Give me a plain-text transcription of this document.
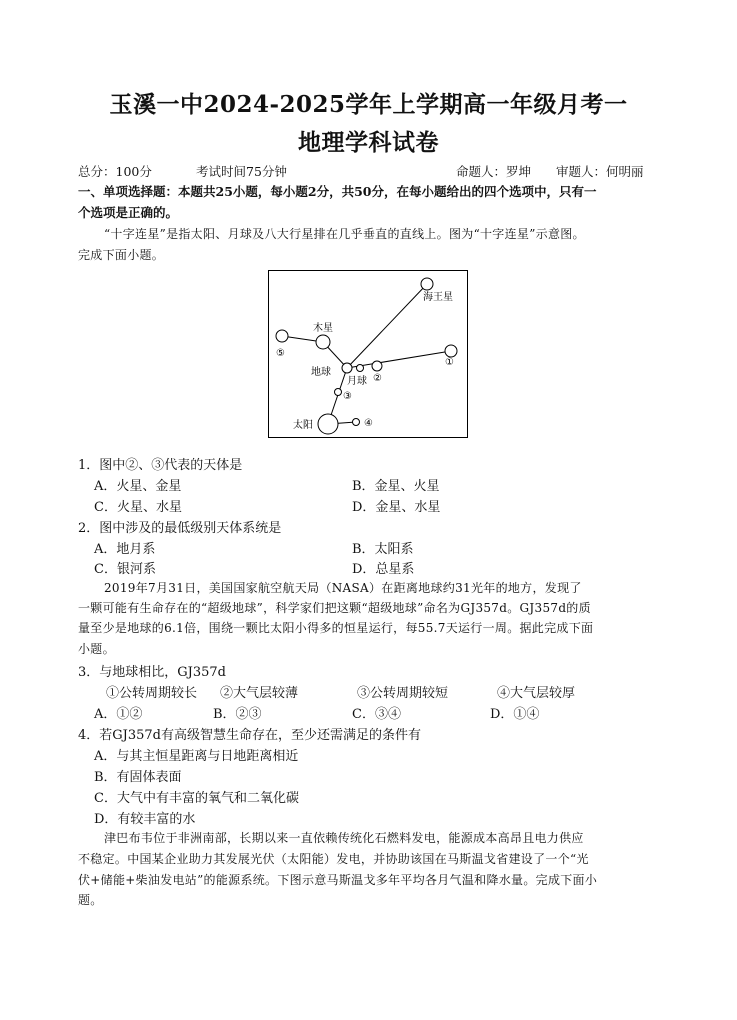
玉溪一中2024-2025学年上学期高一年级月考一
地理学科试卷
总分：100分	考试时间75分钟	命题人：罗坤 审题人：何明丽
一、单项选择题：本题共25小题，每小题2分，共50分，在每小题给出的四个选项中，只有一
个选项是正确的。
“十字连星”是指太阳、月球及八大行星排在几乎垂直的直线上。图为“十字连星”示意图。
完成下面小题。
海王星
木星
⑤
①
②
月球
地球
③
太阳	④
1．图中②、③代表的天体是
A．火星、金星	B．金星、火星
C．火星、水星	D．金星、水星
2．图中涉及的最低级别天体系统是
A．地月系	B．太阳系
C．银河系	D．总星系
2019年7月31日，美国国家航空航天局（NASA）在距离地球约31光年的地方，发现了
一颗可能有生命存在的“超级地球”，科学家们把这颗“超级地球”命名为GJ357d。GJ357d的质
量至少是地球的6.1倍，围绕一颗比太阳小得多的恒星运行，每55.7天运行一周。据此完成下面
小题。
3．与地球相比，GJ357d
①公转周期较长 ②大气层较薄	③公转周期较短	④大气层较厚
A．①②	B．②③	C．③④	D．①④
4．若GJ357d有高级智慧生命存在，至少还需满足的条件有
A．与其主恒星距离与日地距离相近
B．有固体表面
C．大气中有丰富的氧气和二氧化碳
D．有较丰富的水
津巴布韦位于非洲南部，长期以来一直依赖传统化石燃料发电，能源成本高昂且电力供应
不稳定。中国某企业助力其发展光伏（太阳能）发电，并协助该国在马斯温戈省建设了一个“光
伏+储能+柴油发电站”的能源系统。下图示意马斯温戈多年平均各月气温和降水量。完成下面小
题。
